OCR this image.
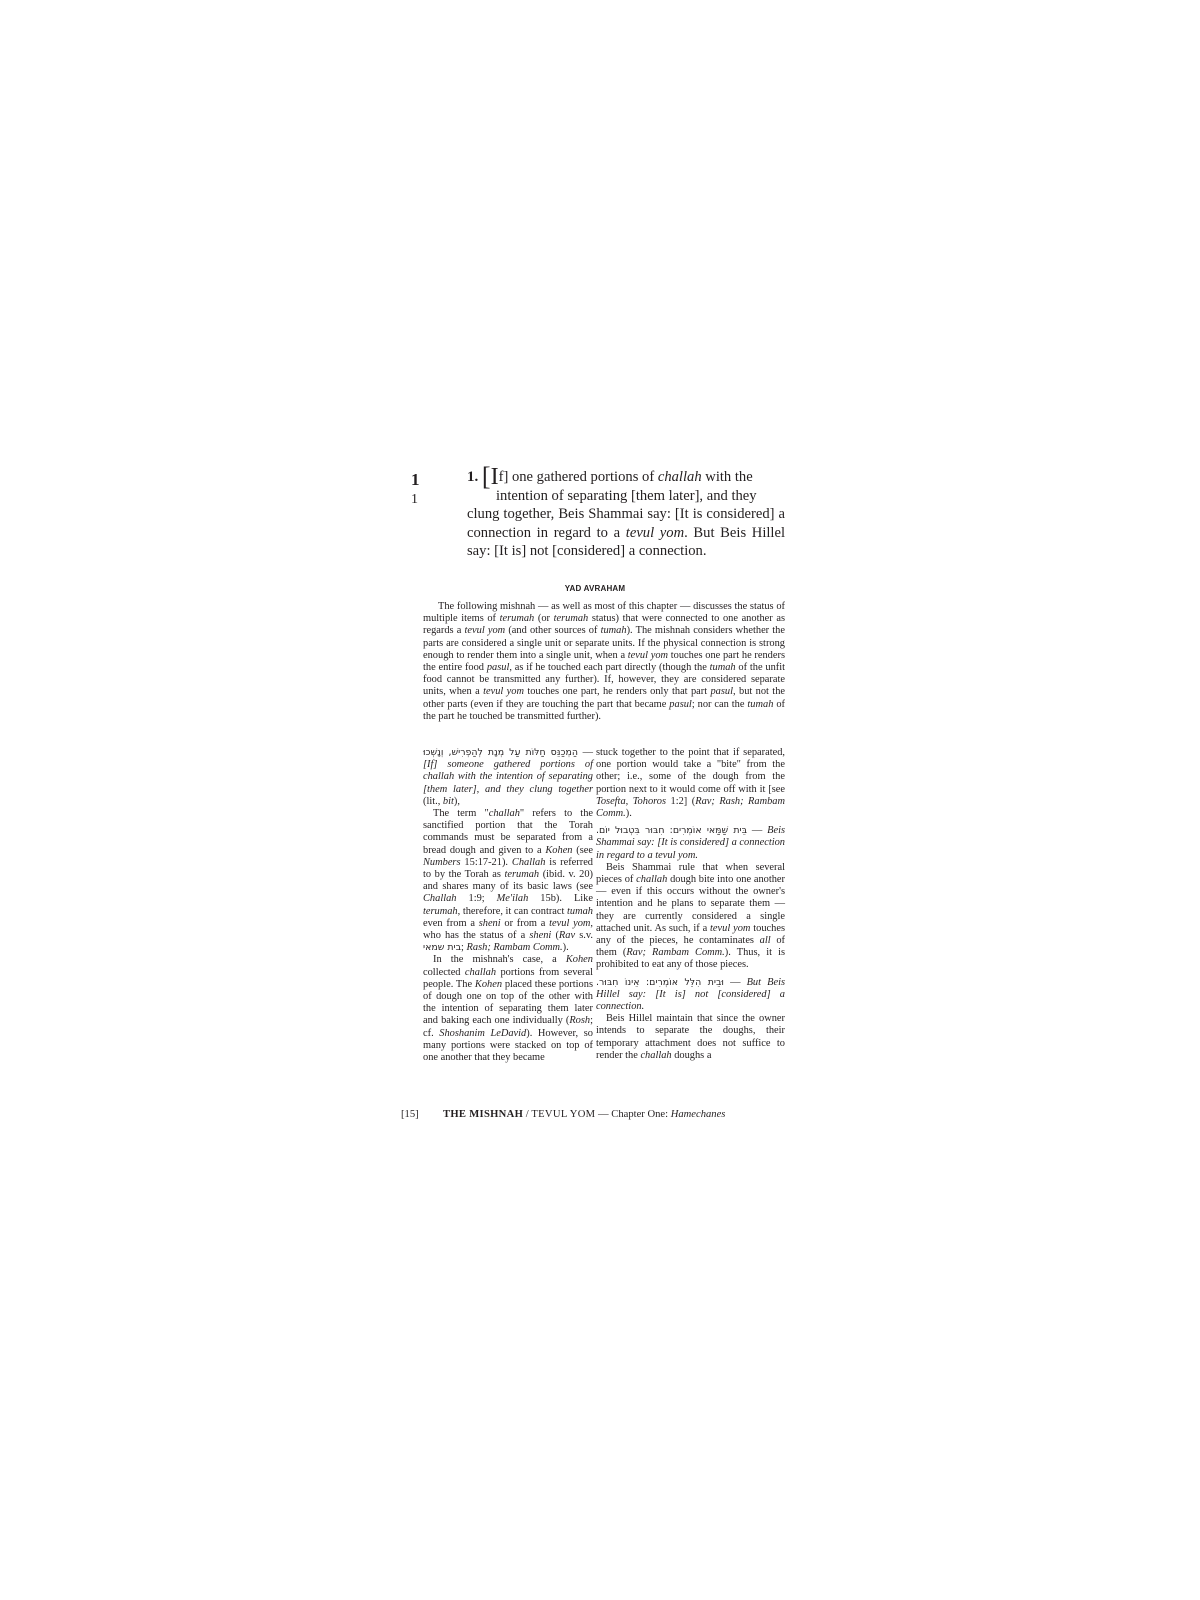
1
1
1. [If] one gathered portions of challah with the
intention of separating [them later], and they
clung together, Beis Shammai say: [It is considered] a connection in regard to a tevul yom. But Beis Hillel say: [It is] not [considered] a connection.
YAD AVRAHAM

The following mishnah — as well as most of this chapter — discusses the status of multiple items of terumah (or terumah status) that were connected to one another as regards a tevul yom (and other sources of tumah). The mishnah considers whether the parts are considered a single unit or separate units. If the physical connection is strong enough to render them into a single unit, when a tevul yom touches one part he renders the entire food pasul, as if he touched each part directly (though the tumah of the unfit food cannot be transmitted any further). If, however, they are considered separate units, when a tevul yom touches one part, he renders only that part pasul, but not the other parts (even if they are touching the part that became pasul; nor can the tumah of the part he touched be transmitted further).

הַמְכַנֵּס חַלּוֹת עַל מְנָת לְהַפְרִישׁ, וְנָשְׁכוּ — [If] someone gathered portions of challah with the intention of separating [them later], and they clung together (lit., bit),

The term "challah" refers to the sanctified portion that the Torah commands must be separated from a bread dough and given to a Kohen (see Numbers 15:17-21). Challah is referred to by the Torah as terumah (ibid. v. 20) and shares many of its basic laws (see Challah 1:9; Me'ilah 15b). Like terumah, therefore, it can contract tumah even from a sheni or from a tevul yom, who has the status of a sheni (Rav s.v. בית שמאי; Rash; Rambam Comm.).

In the mishnah's case, a Kohen collected challah portions from several people. The Kohen placed these portions of dough one on top of the other with the intention of separating them later and baking each one individually (Rosh; cf. Shoshanim LeDavid). However, so many portions were stacked on top of one another that they became

stuck together to the point that if separated, one portion would take a "bite" from the other; i.e., some of the dough from the portion next to it would come off with it [see Tosefta, Tohoros 1:2] (Rav; Rash; Rambam Comm.).

בֵּית שַׁמַּאי אוֹמְרִים: חִבּוּר בִּטְבוּל יוֹם. — Beis Shammai say: [It is considered] a connection in regard to a tevul yom.

Beis Shammai rule that when several pieces of challah dough bite into one another — even if this occurs without the owner's intention and he plans to separate them — they are currently considered a single attached unit. As such, if a tevul yom touches any of the pieces, he contaminates all of them (Rav; Rambam Comm.). Thus, it is prohibited to eat any of those pieces.

וּבֵית הִלֵּל אוֹמְרִים: אֵינוֹ חִבּוּר. — But Beis Hillel say: [It is] not [considered] a connection.

Beis Hillel maintain that since the owner intends to separate the doughs, their temporary attachment does not suffice to render the challah doughs a

[15] THE MISHNAH / TEVUL YOM — Chapter One: Hamechanes
